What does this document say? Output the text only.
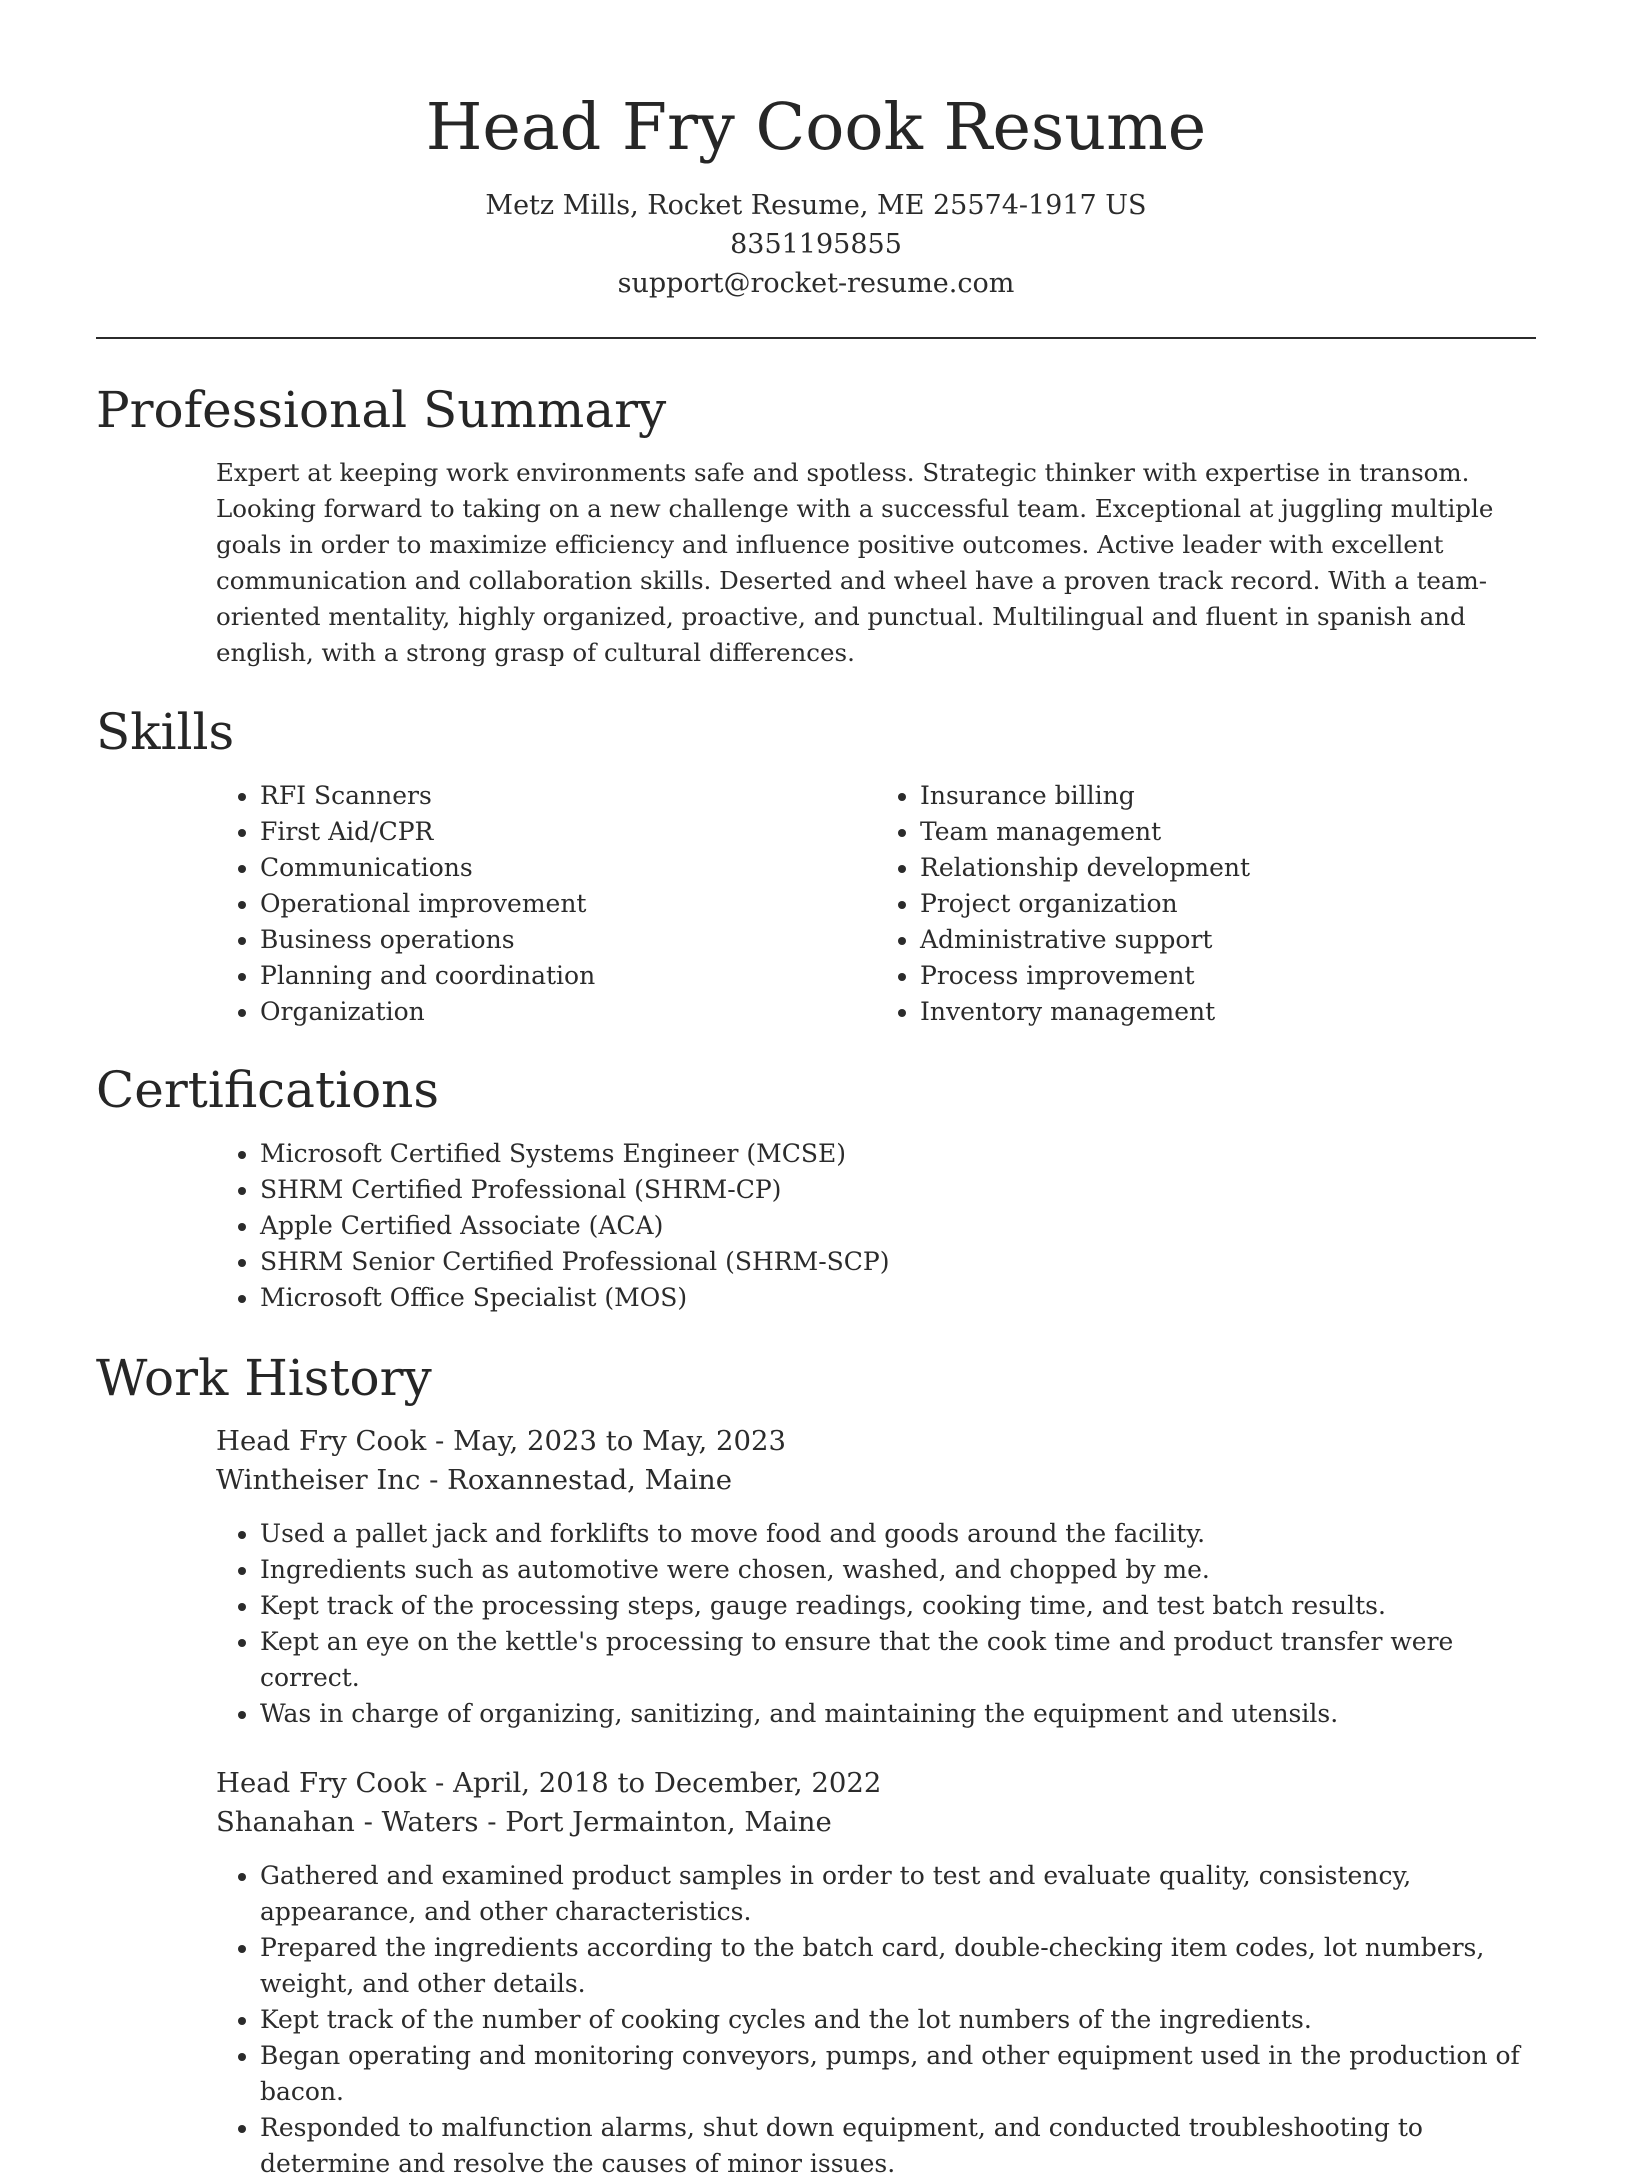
Head Fry Cook Resume
Metz Mills, Rocket Resume, ME 25574-1917 US
8351195855
support@rocket-resume.com
Professional Summary
Expert at keeping work environments safe and spotless. Strategic thinker with expertise in transom. Looking forward to taking on a new challenge with a successful team. Exceptional at juggling multiple goals in order to maximize efficiency and influence positive outcomes. Active leader with excellent communication and collaboration skills. Deserted and wheel have a proven track record. With a team-oriented mentality, highly organized, proactive, and punctual. Multilingual and fluent in spanish and english, with a strong grasp of cultural differences.
Skills
• RFI Scanners
• First Aid/CPR
• Communications
• Operational improvement
• Business operations
• Planning and coordination
• Organization
• Insurance billing
• Team management
• Relationship development
• Project organization
• Administrative support
• Process improvement
• Inventory management
Certifications
• Microsoft Certified Systems Engineer (MCSE)
• SHRM Certified Professional (SHRM-CP)
• Apple Certified Associate (ACA)
• SHRM Senior Certified Professional (SHRM-SCP)
• Microsoft Office Specialist (MOS)
Work History
Head Fry Cook - May, 2023 to May, 2023
Wintheiser Inc - Roxannestad, Maine
• Used a pallet jack and forklifts to move food and goods around the facility.
• Ingredients such as automotive were chosen, washed, and chopped by me.
• Kept track of the processing steps, gauge readings, cooking time, and test batch results.
• Kept an eye on the kettle's processing to ensure that the cook time and product transfer were correct.
• Was in charge of organizing, sanitizing, and maintaining the equipment and utensils.
Head Fry Cook - April, 2018 to December, 2022
Shanahan - Waters - Port Jermainton, Maine
• Gathered and examined product samples in order to test and evaluate quality, consistency, appearance, and other characteristics.
• Prepared the ingredients according to the batch card, double-checking item codes, lot numbers, weight, and other details.
• Kept track of the number of cooking cycles and the lot numbers of the ingredients.
• Began operating and monitoring conveyors, pumps, and other equipment used in the production of bacon.
• Responded to malfunction alarms, shut down equipment, and conducted troubleshooting to determine and resolve the causes of minor issues.
